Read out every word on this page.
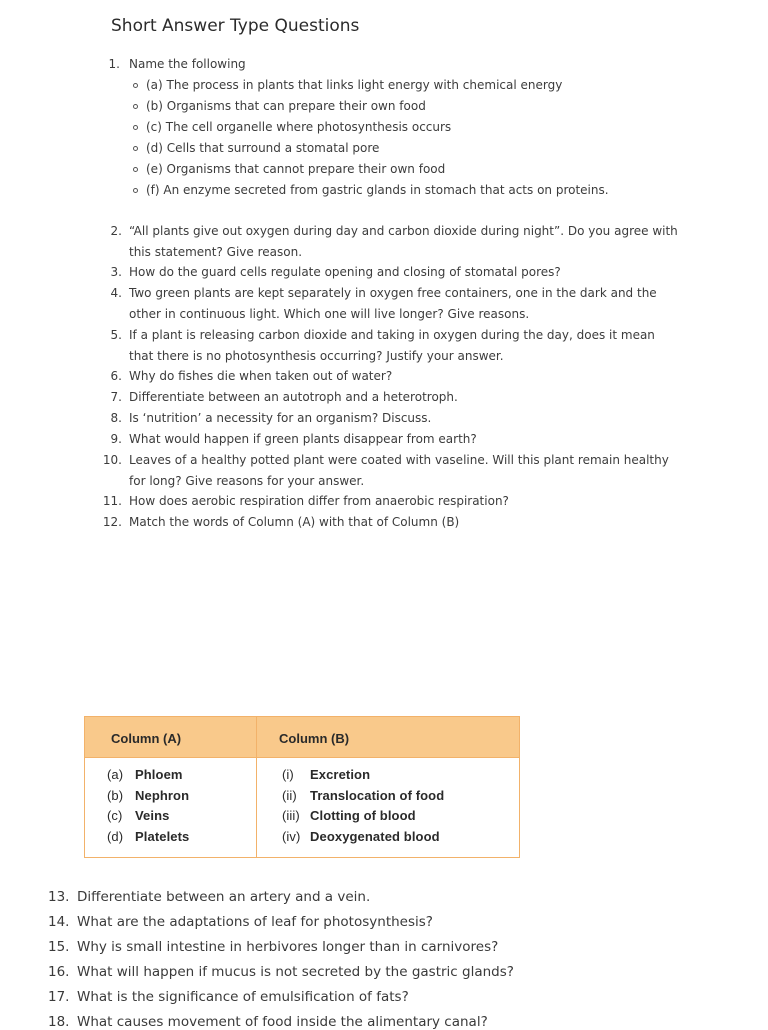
Short Answer Type Questions
1. Name the following
(a) The process in plants that links light energy with chemical energy
(b) Organisms that can prepare their own food
(c) The cell organelle where photosynthesis occurs
(d) Cells that surround a stomatal pore
(e) Organisms that cannot prepare their own food
(f) An enzyme secreted from gastric glands in stomach that acts on proteins.
2. “All plants give out oxygen during day and carbon dioxide during night”. Do you agree with
this statement? Give reason.
3. How do the guard cells regulate opening and closing of stomatal pores?
4. Two green plants are kept separately in oxygen free containers, one in the dark and the
other in continuous light. Which one will live longer? Give reasons.
5. If a plant is releasing carbon dioxide and taking in oxygen during the day, does it mean
that there is no photosynthesis occurring? Justify your answer.
6. Why do fishes die when taken out of water?
7. Differentiate between an autotroph and a heterotroph.
8. Is ‘nutrition’ a necessity for an organism? Discuss.
9. What would happen if green plants disappear from earth?
10. Leaves of a healthy potted plant were coated with vaseline. Will this plant remain healthy
for long? Give reasons for your answer.
11. How does aerobic respiration differ from anaerobic respiration?
12. Match the words of Column (A) with that of Column (B)
Column (A)	Column (B)
(a) Phloem	(i) Excretion
(b) Nephron	(ii) Translocation of food
(c) Veins	(iii) Clotting of blood
(d) Platelets	(iv) Deoxygenated blood
13. Differentiate between an artery and a vein.
14. What are the adaptations of leaf for photosynthesis?
15. Why is small intestine in herbivores longer than in carnivores?
16. What will happen if mucus is not secreted by the gastric glands?
17. What is the significance of emulsification of fats?
18. What causes movement of food inside the alimentary canal?
